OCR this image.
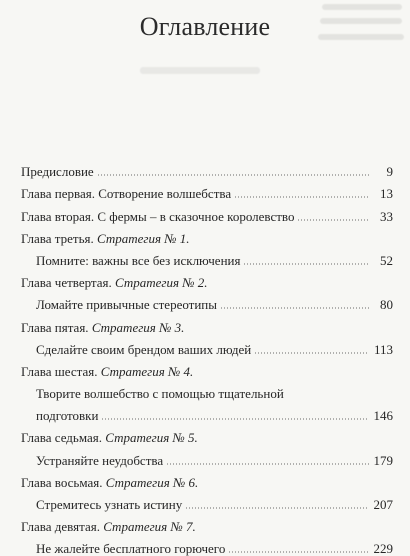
Оглавление
Предисловие	9
Глава первая. Сотворение волшебства	13
Глава вторая. С фермы – в сказочное королевство	33
Глава третья. Стратегия № 1.
Помните: важны все без исключения	52
Глава четвертая. Стратегия № 2.
Ломайте привычные стереотипы	80
Глава пятая. Стратегия № 3.
Сделайте своим брендом ваших людей	113
Глава шестая. Стратегия № 4.
Творите волшебство с помощью тщательной
подготовки	146
Глава седьмая. Стратегия № 5.
Устраняйте неудобства	179
Глава восьмая. Стратегия № 6.
Стремитесь узнать истину	207
Глава девятая. Стратегия № 7.
Не жалейте бесплатного горючего	229
